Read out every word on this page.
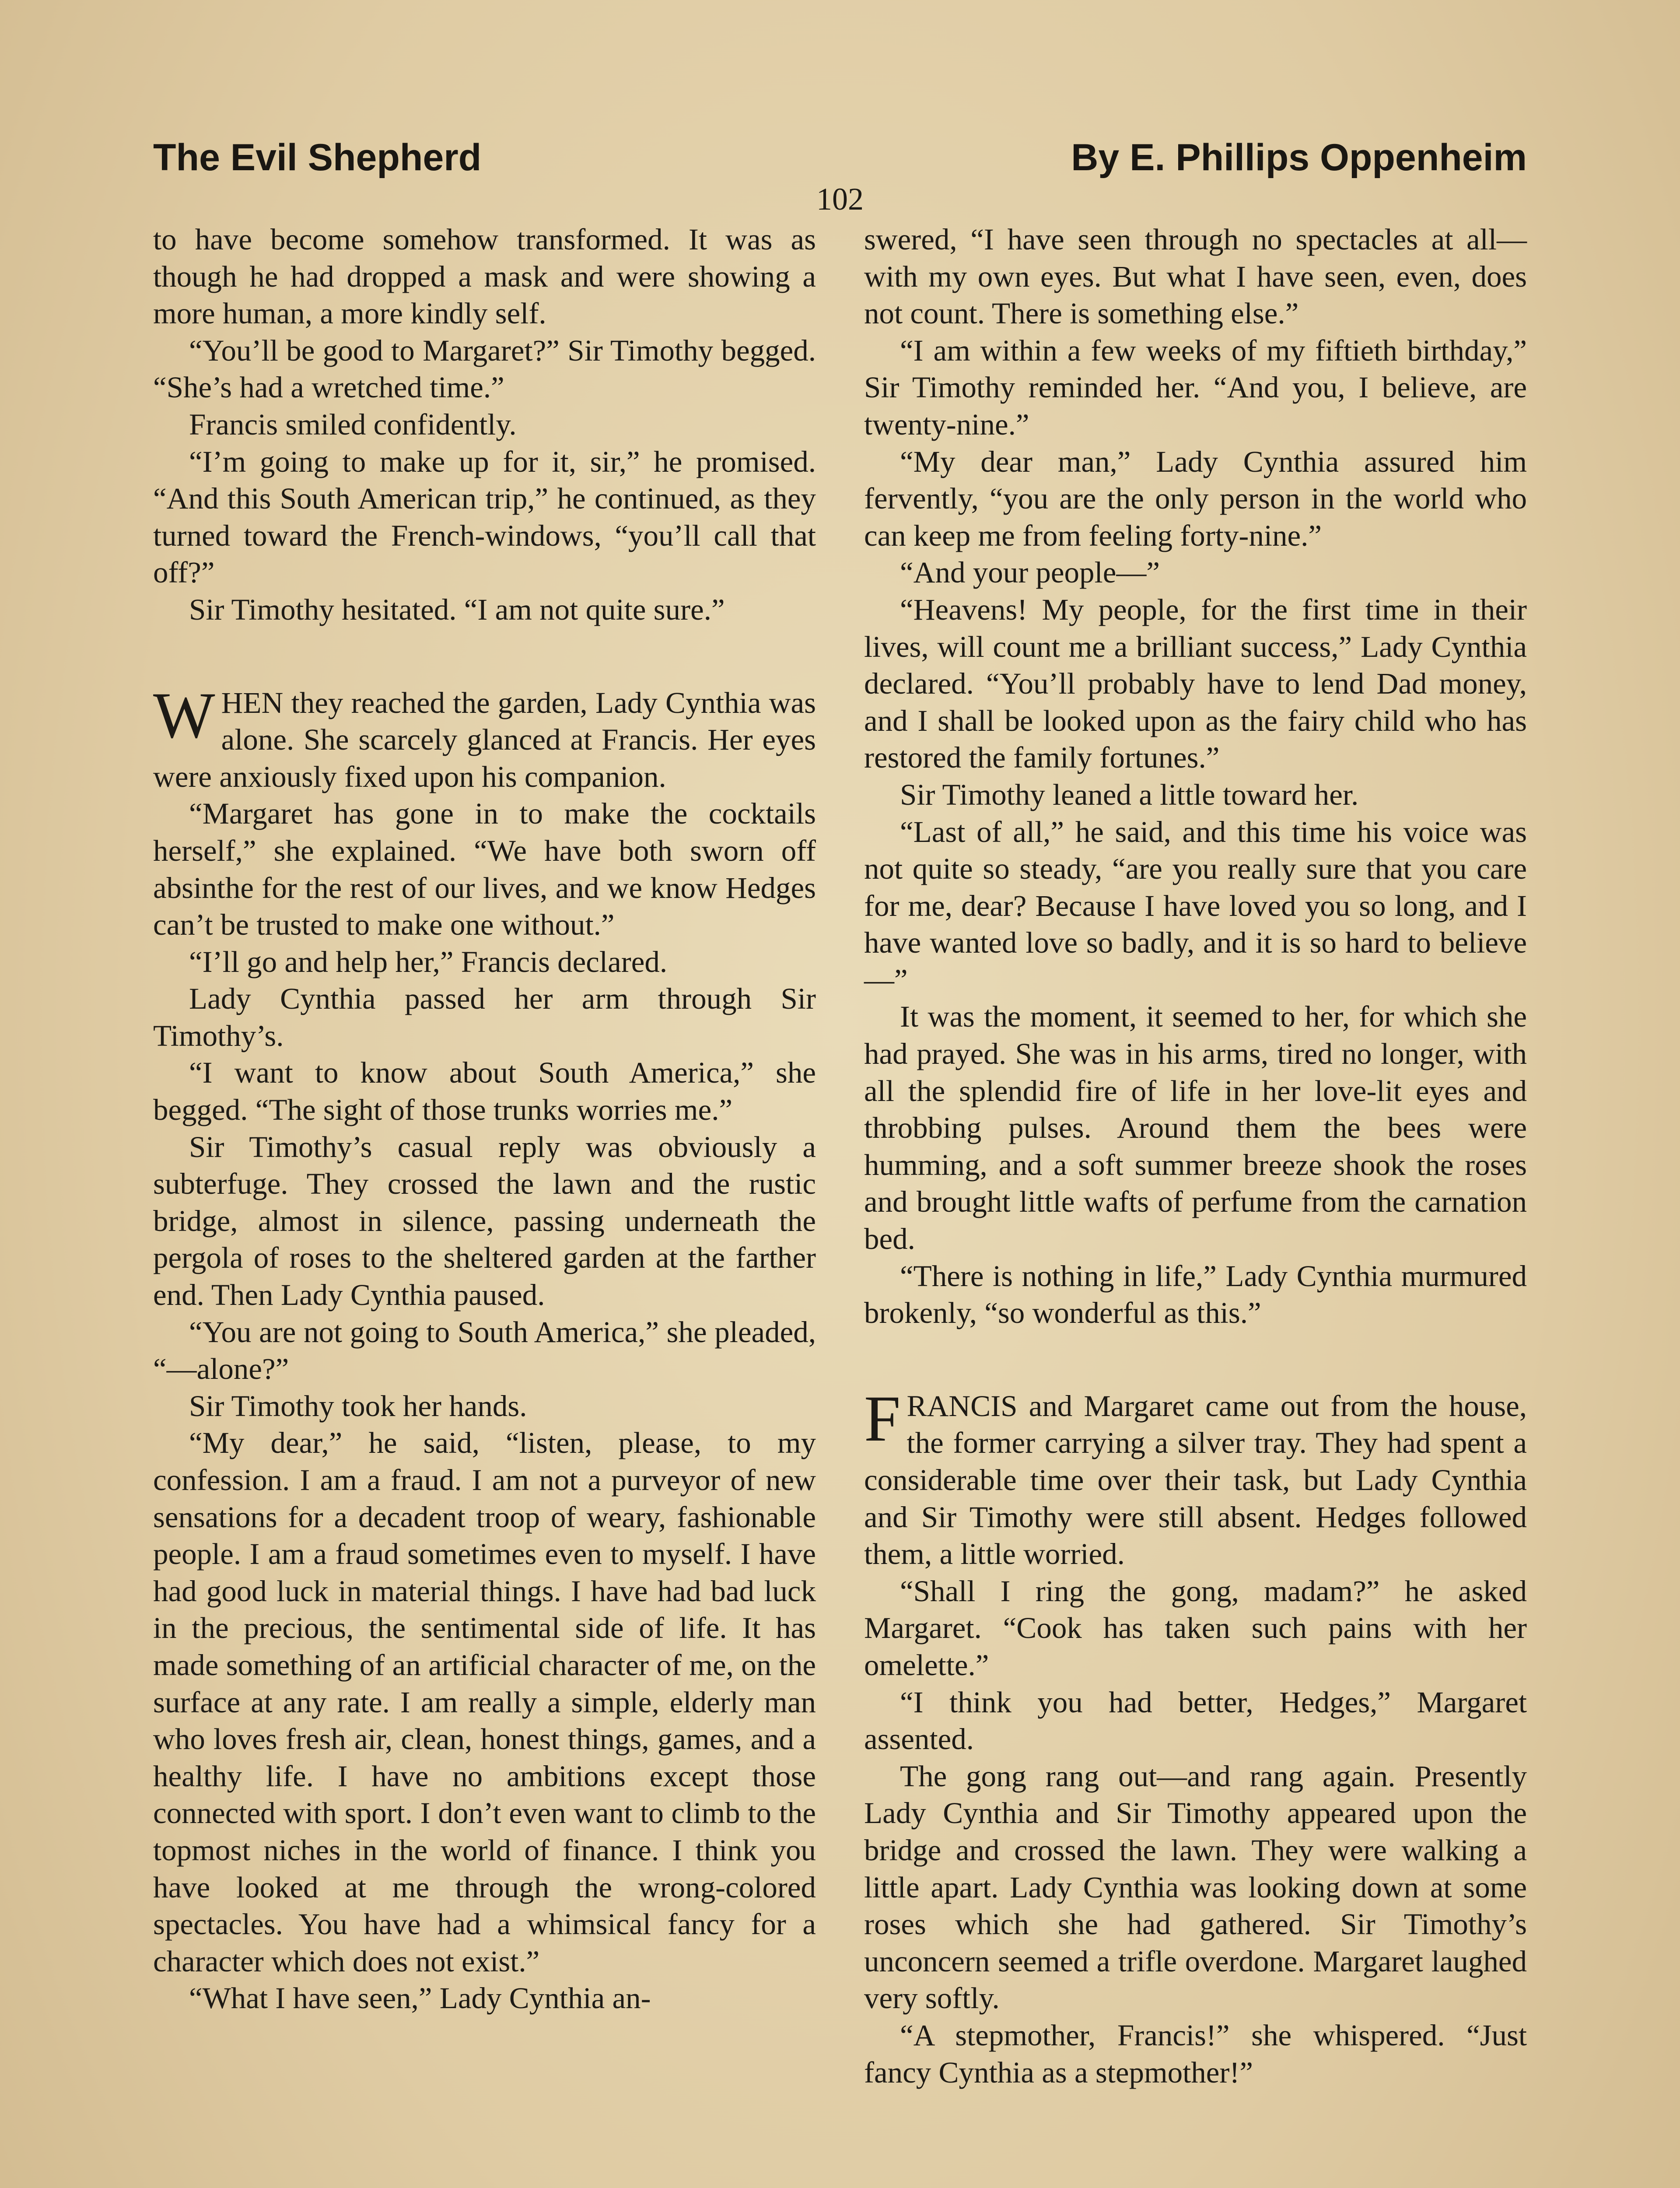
The Evil Shepherd	By E. Phillips Oppenheim
102

to have become somehow transformed. It was as though he had dropped a mask and were showing a more human, a more kindly self.

“You’ll be good to Margaret?” Sir Timothy begged. “She’s had a wretched time.”

Francis smiled confidently.

“I’m going to make up for it, sir,” he promised. “And this South American trip,” he continued, as they turned toward the French-windows, “you’ll call that off?”

Sir Timothy hesitated. “I am not quite sure.”

WHEN they reached the garden, Lady Cynthia was alone. She scarcely glanced at Francis. Her eyes were anxiously fixed upon his companion.

“Margaret has gone in to make the cocktails herself,” she explained. “We have both sworn off absinthe for the rest of our lives, and we know Hedges can’t be trusted to make one without.”

“I’ll go and help her,” Francis declared.

Lady Cynthia passed her arm through Sir Timothy’s.

“I want to know about South America,” she begged. “The sight of those trunks worries me.”

Sir Timothy’s casual reply was obviously a subterfuge. They crossed the lawn and the rustic bridge, almost in silence, passing underneath the pergola of roses to the sheltered garden at the farther end. Then Lady Cynthia paused.

“You are not going to South America,” she pleaded, “—alone?”

Sir Timothy took her hands.

“My dear,” he said, “listen, please, to my confession. I am a fraud. I am not a purveyor of new sensations for a decadent troop of weary, fashionable people. I am a fraud sometimes even to myself. I have had good luck in material things. I have had bad luck in the precious, the sentimental side of life. It has made something of an artificial character of me, on the surface at any rate. I am really a simple, elderly man who loves fresh air, clean, honest things, games, and a healthy life. I have no ambitions except those connected with sport. I don’t even want to climb to the topmost niches in the world of finance. I think you have looked at me through the wrong-colored spectacles. You have had a whimsical fancy for a character which does not exist.”

“What I have seen,” Lady Cynthia an-

swered, “I have seen through no spectacles at all—with my own eyes. But what I have seen, even, does not count. There is something else.”

“I am within a few weeks of my fiftieth birthday,” Sir Timothy reminded her. “And you, I believe, are twenty-nine.”

“My dear man,” Lady Cynthia assured him fervently, “you are the only person in the world who can keep me from feeling forty-nine.”

“And your people—”

“Heavens! My people, for the first time in their lives, will count me a brilliant success,” Lady Cynthia declared. “You’ll probably have to lend Dad money, and I shall be looked upon as the fairy child who has restored the family fortunes.”

Sir Timothy leaned a little toward her.

“Last of all,” he said, and this time his voice was not quite so steady, “are you really sure that you care for me, dear? Because I have loved you so long, and I have wanted love so badly, and it is so hard to believe—”

It was the moment, it seemed to her, for which she had prayed. She was in his arms, tired no longer, with all the splendid fire of life in her love-lit eyes and throbbing pulses. Around them the bees were humming, and a soft summer breeze shook the roses and brought little wafts of perfume from the carnation bed.

“There is nothing in life,” Lady Cynthia murmured brokenly, “so wonderful as this.”

FRANCIS and Margaret came out from the house, the former carrying a silver tray. They had spent a considerable time over their task, but Lady Cynthia and Sir Timothy were still absent. Hedges followed them, a little worried.

“Shall I ring the gong, madam?” he asked Margaret. “Cook has taken such pains with her omelette.”

“I think you had better, Hedges,” Margaret assented.

The gong rang out—and rang again. Presently Lady Cynthia and Sir Timothy appeared upon the bridge and crossed the lawn. They were walking a little apart. Lady Cynthia was looking down at some roses which she had gathered. Sir Timothy’s unconcern seemed a trifle overdone. Margaret laughed very softly.

“A stepmother, Francis!” she whispered. “Just fancy Cynthia as a stepmother!”
